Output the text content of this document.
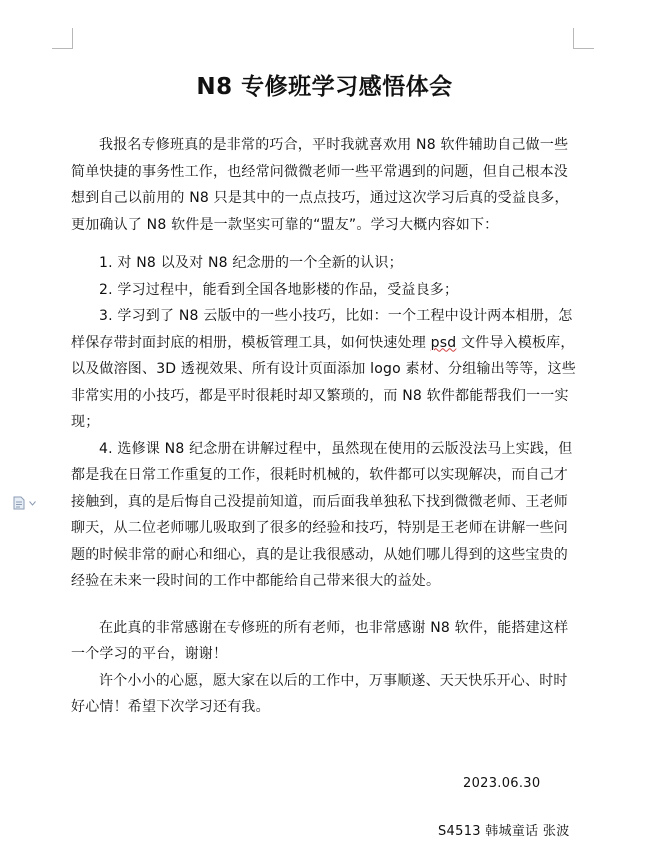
N8 专修班学习感悟体会

我报名专修班真的是非常的巧合，平时我就喜欢用 N8 软件辅助自己做一些简单快捷的事务性工作，也经常问微微老师一些平常遇到的问题，但自己根本没想到自己以前用的 N8 只是其中的一点点技巧，通过这次学习后真的受益良多，更加确认了 N8 软件是一款坚实可靠的“盟友”。学习大概内容如下：

1. 对 N8 以及对 N8 纪念册的一个全新的认识；

2. 学习过程中，能看到全国各地影楼的作品，受益良多；

3. 学习到了 N8 云版中的一些小技巧，比如：一个工程中设计两本相册，怎样保存带封面封底的相册，模板管理工具，如何快速处理 psd 文件导入模板库，以及做溶图、3D 透视效果、所有设计页面添加 logo 素材、分组输出等等，这些非常实用的小技巧，都是平时很耗时却又繁琐的，而 N8 软件都能帮我们一一实现；

4. 选修课 N8 纪念册在讲解过程中，虽然现在使用的云版没法马上实践，但都是我在日常工作重复的工作，很耗时机械的，软件都可以实现解决，而自己才接触到，真的是后悔自己没提前知道，而后面我单独私下找到微微老师、王老师聊天，从二位老师哪儿吸取到了很多的经验和技巧，特别是王老师在讲解一些问题的时候非常的耐心和细心，真的是让我很感动，从她们哪儿得到的这些宝贵的经验在未来一段时间的工作中都能给自己带来很大的益处。

在此真的非常感谢在专修班的所有老师，也非常感谢 N8 软件，能搭建这样一个学习的平台，谢谢！

许个小小的心愿，愿大家在以后的工作中，万事顺遂、天天快乐开心、时时好心情！希望下次学习还有我。

2023.06.30
S4513 韩城童话 张波
